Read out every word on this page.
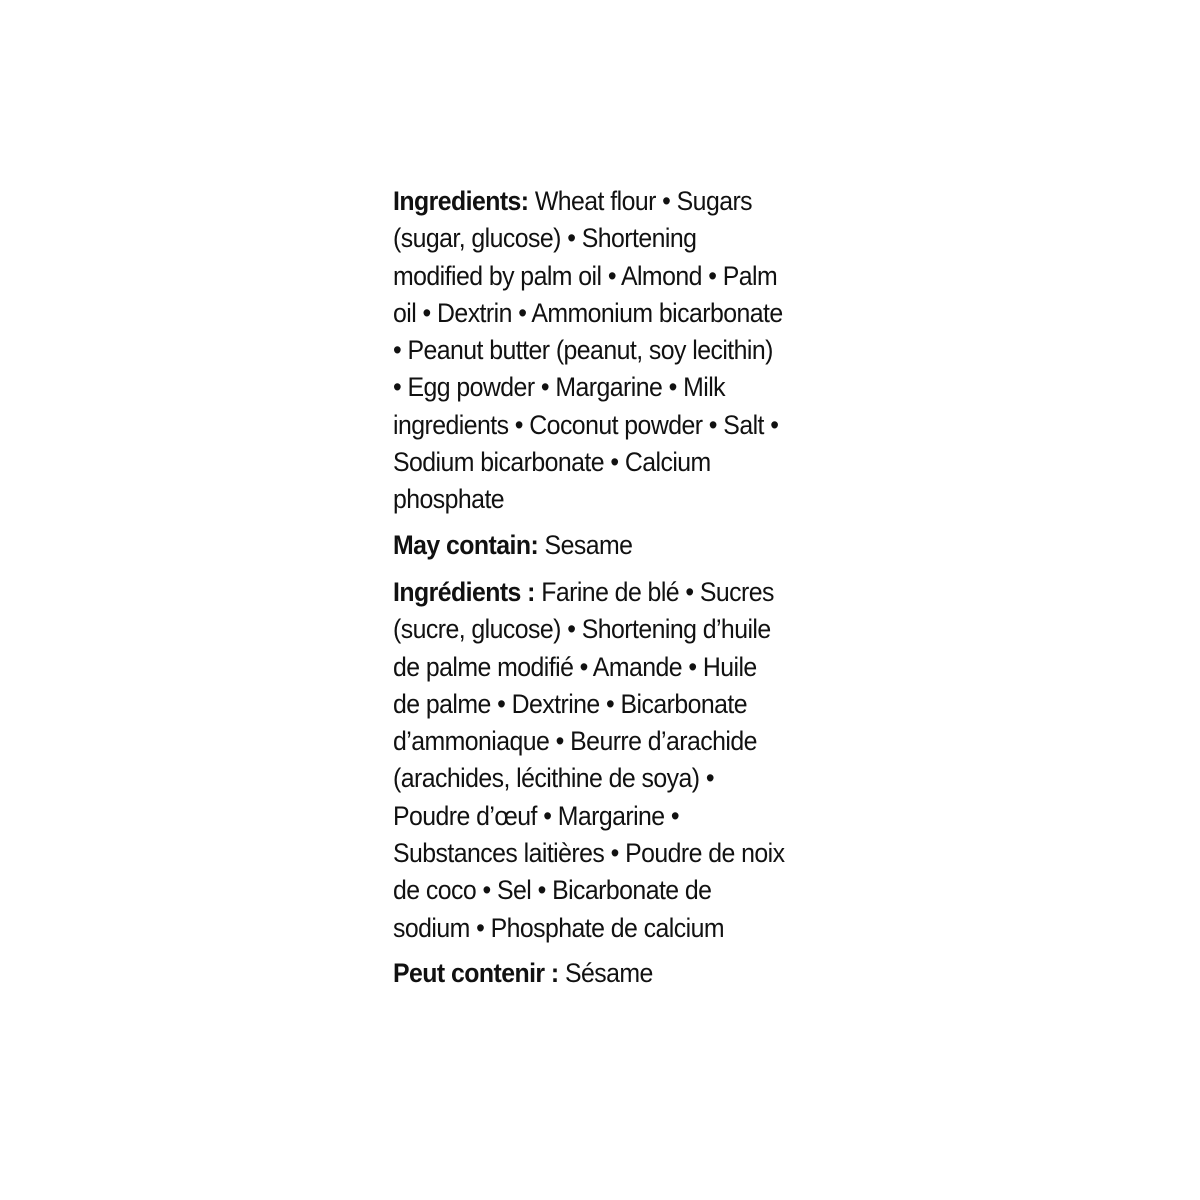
Ingredients: Wheat flour • Sugars
(sugar, glucose) • Shortening
modified by palm oil • Almond • Palm
oil • Dextrin • Ammonium bicarbonate
• Peanut butter (peanut, soy lecithin)
• Egg powder • Margarine • Milk
ingredients • Coconut powder • Salt •
Sodium bicarbonate • Calcium
phosphate
May contain: Sesame
Ingrédients : Farine de blé • Sucres
(sucre, glucose) • Shortening d’huile
de palme modifié • Amande • Huile
de palme • Dextrine • Bicarbonate
d’ammoniaque • Beurre d’arachide
(arachides, lécithine de soya) •
Poudre d’œuf • Margarine •
Substances laitières • Poudre de noix
de coco • Sel • Bicarbonate de
sodium • Phosphate de calcium
Peut contenir : Sésame
